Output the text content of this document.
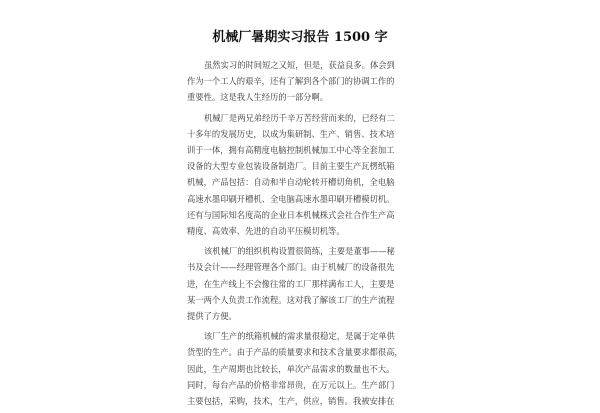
机械厂暑期实习报告 1500 字
虽然实习的时间短之又短，但是，获益良多。体会到
作为一个工人的艰辛，还有了解到各个部门的协调工作的
重要性。这是我人生经历的一部分啊。
机械厂是两兄弟经历千辛万苦经营而来的，已经有二
十多年的发展历史，以成为集研制、生产、销售、技术培
训于一体，拥有高精度电脑控制机械加工中心等全套加工
设备的大型专业包装设备制造厂。目前主要生产瓦楞纸箱
机械，产品包括：自动和半自动轮转开槽切角机，全电脑
高速水墨印刷开槽机、全电脑高速水墨印刷开槽模切机。
还有与国际知名度高的企业日本机械株式会社合作生产高
精度、高效率、先进的自动平压模切机等。
该机械厂的组织机构设置很简练，主要是董事——秘
书及会计——经理管理各个部门。由于机械厂的设备很先
进，在生产线上不会像往常的工厂那样满布工人，主要是
某一两个人负责工作流程。这对我了解该工厂的生产流程
提供了方便。
该厂生产的纸箱机械的需求量很稳定，是属于定单供
货型的生产。由于产品的质量要求和技术含量要求都很高，
因此，生产周期也比较长，单次产品需求的数量也不大。
同时，每台产品的价格非常昂贵，在万元以上。生产部门
主要包括，采购，技术，生产，供应，销售。我被安排在
